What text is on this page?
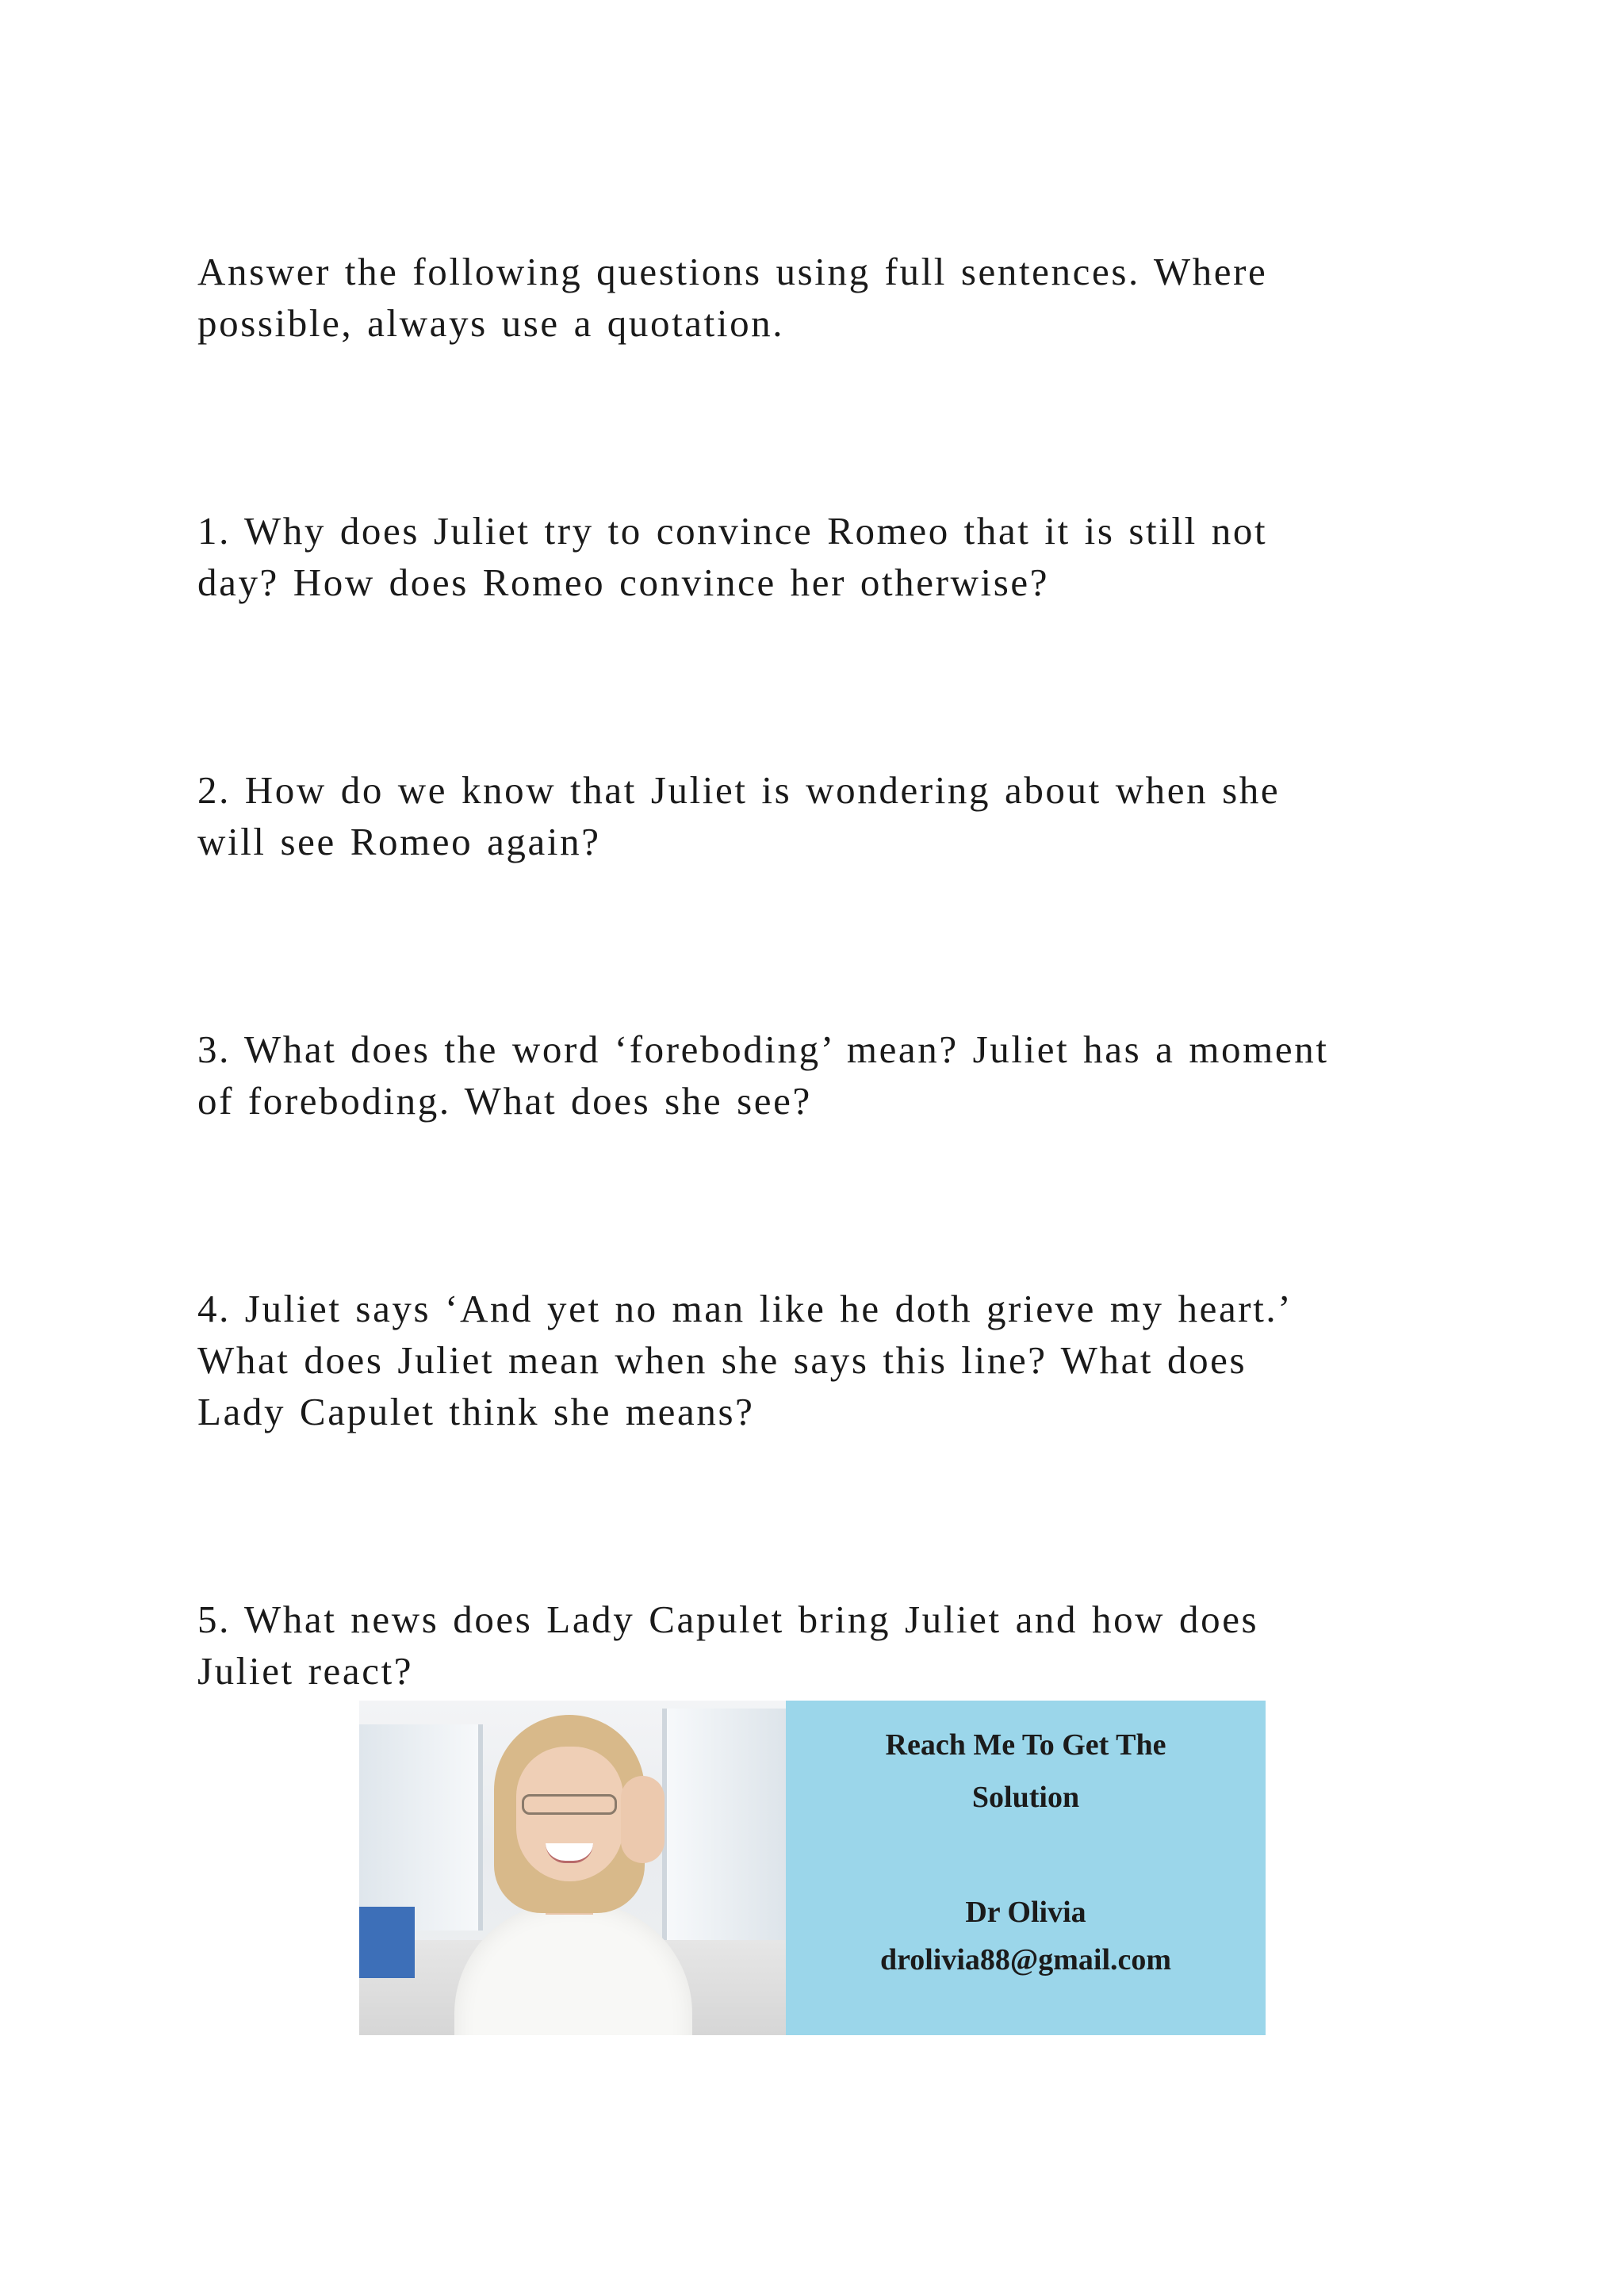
Answer the following questions using full sentences. Where
possible, always use a quotation.
1. Why does Juliet try to convince Romeo that it is still not
day? How does Romeo convince her otherwise?
2. How do we know that Juliet is wondering about when she
will see Romeo again?
3. What does the word ‘foreboding’ mean? Juliet has a moment
of foreboding. What does she see?
4. Juliet says ‘And yet no man like he doth grieve my heart.’
What does Juliet mean when she says this line? What does
Lady Capulet think she means?
5. What news does Lady Capulet bring Juliet and how does
Juliet react?
Reach Me To Get The
Solution
Dr Olivia
drolivia88@gmail.com
